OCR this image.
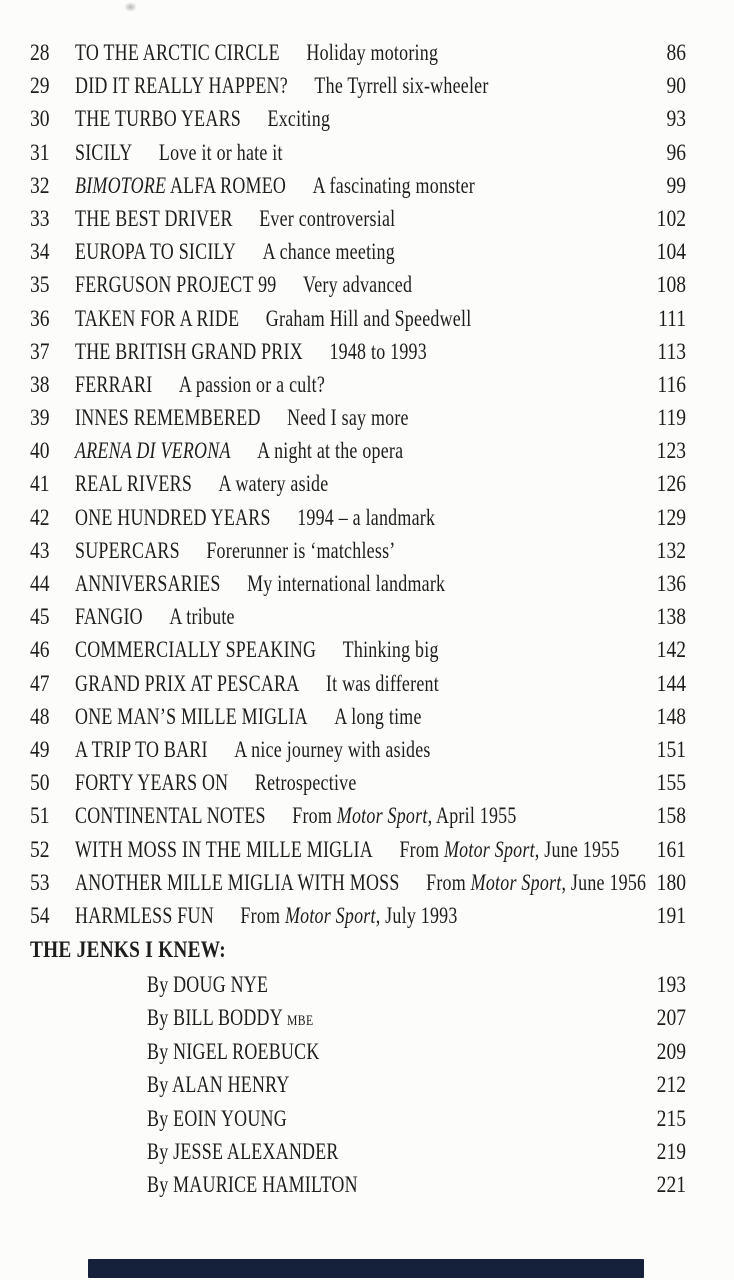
28	TO THE ARCTIC CIRCLE Holiday motoring	86
29	DID IT REALLY HAPPEN? The Tyrrell six-wheeler	90
30	THE TURBO YEARS Exciting	93
31	SICILY Love it or hate it	96
32	BIMOTORE ALFA ROMEO A fascinating monster	99
33	THE BEST DRIVER Ever controversial	102
34	EUROPA TO SICILY A chance meeting	104
35	FERGUSON PROJECT 99 Very advanced	108
36	TAKEN FOR A RIDE Graham Hill and Speedwell	111
37	THE BRITISH GRAND PRIX 1948 to 1993	113
38	FERRARI A passion or a cult?	116
39	INNES REMEMBERED Need I say more	119
40	ARENA DI VERONA A night at the opera	123
41	REAL RIVERS A watery aside	126
42	ONE HUNDRED YEARS 1994 – a landmark	129
43	SUPERCARS Forerunner is ‘matchless’	132
44	ANNIVERSARIES My international landmark	136
45	FANGIO A tribute	138
46	COMMERCIALLY SPEAKING Thinking big	142
47	GRAND PRIX AT PESCARA It was different	144
48	ONE MAN’S MILLE MIGLIA A long time	148
49	A TRIP TO BARI A nice journey with asides	151
50	FORTY YEARS ON Retrospective	155
51	CONTINENTAL NOTES From Motor Sport, April 1955	158
52	WITH MOSS IN THE MILLE MIGLIA From Motor Sport, June 1955	161
53	ANOTHER MILLE MIGLIA WITH MOSS From Motor Sport, June 1956 180
54	HARMLESS FUN From Motor Sport, July 1993	191
THE JENKS I KNEW:
By DOUG NYE	193
By BILL BODDY MBE	207
By NIGEL ROEBUCK	209
By ALAN HENRY	212
By EOIN YOUNG	215
By JESSE ALEXANDER	219
By MAURICE HAMILTON	221
